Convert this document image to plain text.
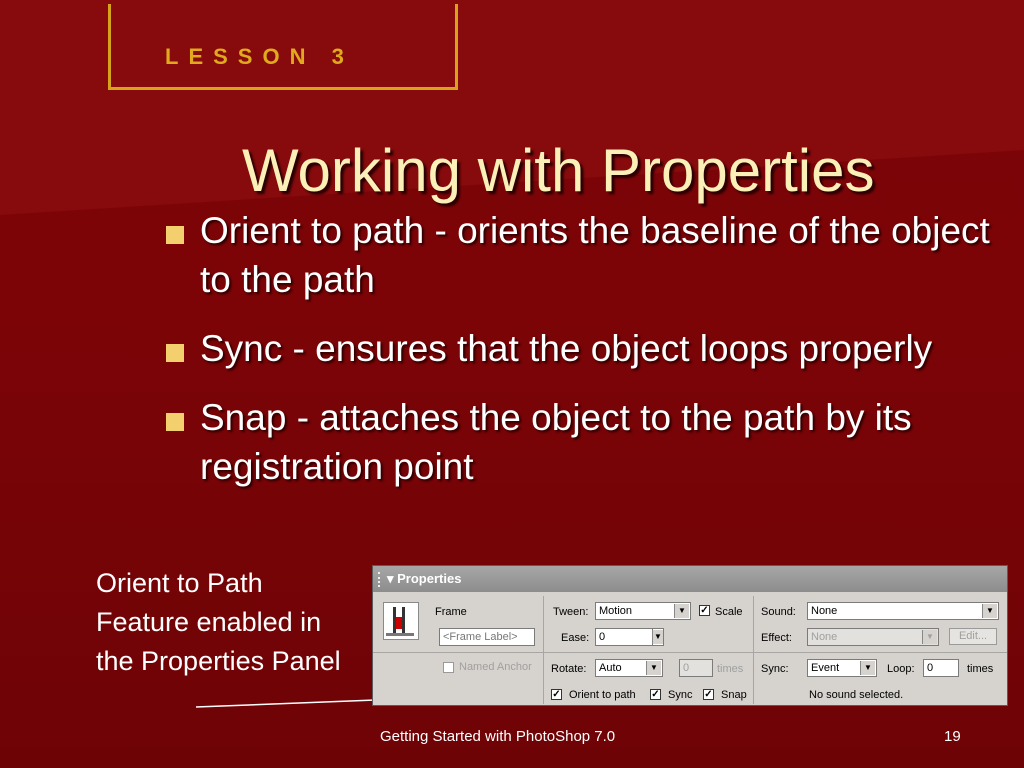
LESSON 3
Working with Properties
Orient to path - orients the baseline of the object to the path
Sync - ensures that the object loops properly
Snap - attaches the object to the path by its registration point
Orient to Path Feature enabled in the Properties Panel
▾ Properties
Frame
<Frame Label>
Named Anchor
Tween: Motion	▼	✓ Scale
Ease: 0	▼
Rotate:	Auto	▼	0	times
✓ Orient to path ✓ Sync ✓ Snap
Sound:	None	▼
Effect:	None	▼	Edit...
Sync:	Event	▼ Loop:	0	times
No sound selected.
Getting Started with PhotoShop 7.0	19
